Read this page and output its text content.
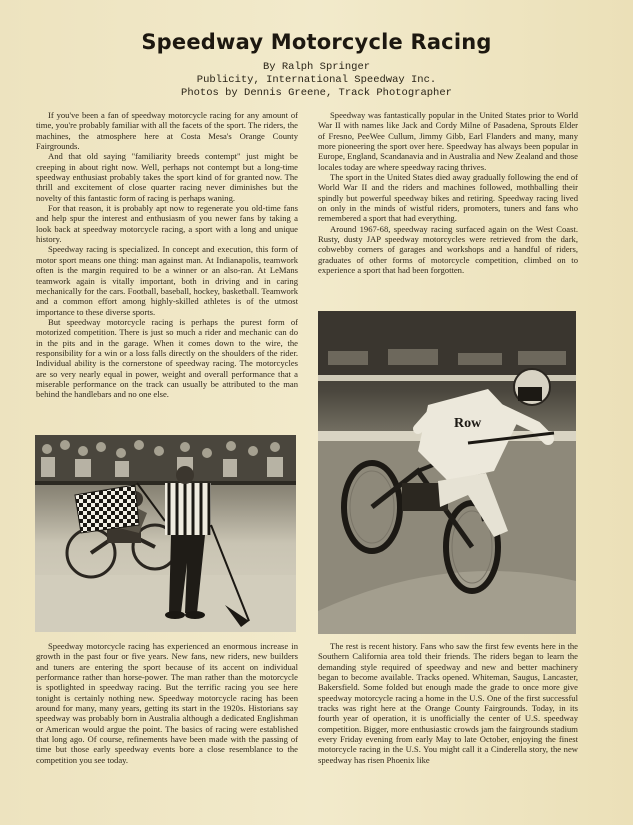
Speedway Motorcycle Racing
By Ralph Springer
Publicity, International Speedway Inc.
Photos by Dennis Greene, Track Photographer

If you've been a fan of speedway motorcycle racing for any amount of time, you're probably familiar with all the facets of the sport. The riders, the machines, the atmosphere here at Costa Mesa's Orange County Fairgrounds.

And that old saying "familiarity breeds contempt" just might be creeping in about right now. Well, perhaps not contempt but a long-time speedway enthusiast probably takes the sport kind of for granted now. The thrill and excitement of close quarter racing never diminishes but the novelty of this fantastic form of racing is perhaps waning.

For that reason, it is probably apt now to regenerate you old-time fans and help spur the interest and enthusiasm of you newer fans by taking a look back at speedway motorcycle racing, a sport with a long and unique history.

Speedway racing is specialized. In concept and execution, this form of motor sport means one thing: man against man. At Indianapolis, teamwork often is the margin required to be a winner or an also-ran. At LeMans teamwork again is vitally important, both in driving and in caring mechanically for the cars. Football, baseball, hockey, basketball. Teamwork and a common effort among highly-skilled athletes is of the utmost importance to these diverse sports.

But speedway motorcycle racing is perhaps the purest form of motorized competition. There is just so much a rider and mechanic can do in the pits and in the garage. When it comes down to the wire, the responsibility for a win or a loss falls directly on the shoulders of the rider. Individual ability is the cornerstone of speedway racing. The motorcycles are so very nearly equal in power, weight and overall performance that a miserable performance on the track can usually be attributed to the man behind the handlebars and no one else.

Speedway motorcycle racing has experienced an enormous increase in growth in the past four or five years. New fans, new riders, new builders and tuners are entering the sport because of its accent on individual performance rather than horse-power. The man rather than the motorcycle is spotlighted in speedway racing. But the terrific racing you see here tonight is certainly nothing new. Speedway motorcycle racing has been around for many, many years, getting its start in the 1920s. Historians say speedway was probably born in Australia although a dedicated Englishman or American would argue the point. The basics of racing were established that long ago. Of course, refinements have been made with the passing of time but those early speedway events bore a close resemblance to the competition you see today.

Speedway was fantastically popular in the United States prior to World War II with names like Jack and Cordy Milne of Pasadena, Sprouts Elder of Fresno, PeeWee Cullum, Jimmy Gibb, Earl Flanders and many, many more pioneering the sport over here. Speedway has always been popular in Europe, England, Scandanavia and in Australia and New Zealand and those locales today are where speedway racing thrives.

The sport in the United States died away gradually following the end of World War II and the riders and machines followed, mothballing their spindly but powerful speedway bikes and retiring. Speedway racing lived on only in the minds of wistful riders, promoters, tuners and fans who remembered a sport that had everything.

Around 1967-68, speedway racing surfaced again on the West Coast. Rusty, dusty JAP speedway motorcycles were retrieved from the dark, cobwebby corners of garages and workshops and a handful of riders, graduates of other forms of motorcycle competition, climbed on to experience a sport that had been forgotten.

Row

The rest is recent history. Fans who saw the first few events here in the Southern California area told their friends. The riders began to learn the demanding style required of speedway and new and better machinery began to become available. Tracks opened. Whiteman, Saugus, Lancaster, Bakersfield. Some folded but enough made the grade to once more give speedway motorcycle racing a home in the U.S. One of the first successful tracks was right here at the Orange County Fairgrounds. Today, in its fourth year of operation, it is unofficially the center of U.S. speedway competition. Bigger, more enthusiastic crowds jam the fairgrounds stadium every Friday evening from early May to late October, enjoying the finest motorcycle racing in the U.S. You might call it a Cinderella story, the new speedway has risen Phoenix like
